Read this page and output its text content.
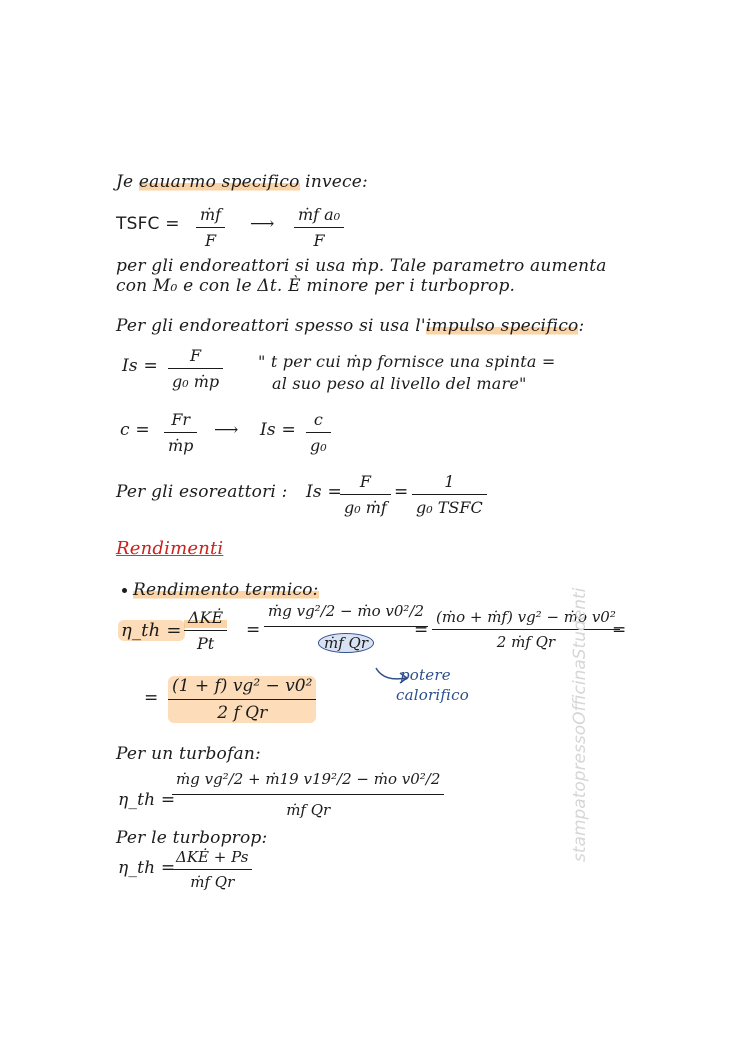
Je eauarmo specifico invece:
TSFC = $\frac{\text{ṁf}}{F}$ ⟶ $\frac{\text{ṁf a₀}}{F}$
per gli endoreattori si usa ṁp. Tale parametro aumenta
con M₀ e con le Δt. È minore per i turboprop.
Per gli endoreattori spesso si usa l'impulso specifico:
$Is = \frac{F}{\text{g₀ ṁp}}$ " t per cui ṁp fornisce una spinta =
al suo peso al livello del mare"
$c = \frac{Fr}{\text{ṁp}}$ ⟶ $Is = \frac{c}{\text{g₀}}$
Per gli esoreattori : Is =
$\frac{F}{\text{g₀ ṁf}}$ =
1
g₀ TSFC
Rendimenti
Rendimento termico:
η_th =
ΔKĖ
Pt
= $\frac{\text{ṁg vg²/2 − ṁo v0²/2}}{\text{ṁf Qr}}$
= $\frac{\text{(ṁo + ṁf) vg² − ṁo v0²}}{\text{2 ṁf Qr}}$
=
potere
calorifico
= $\frac{\text{(1 + f) vg² − v0²}}{\text{2 f Qr}}$
Per un turbofan:
η_th =
$\frac{\text{ṁg vg²/2 + ṁ19 v19²/2 − ṁo v0²/2}}{\text{ṁf Qr}}$
Per le turboprop:
η_th =
ΔKĖ + Ps
ṁf Qr
stampatopressoOfficinaStudenti
